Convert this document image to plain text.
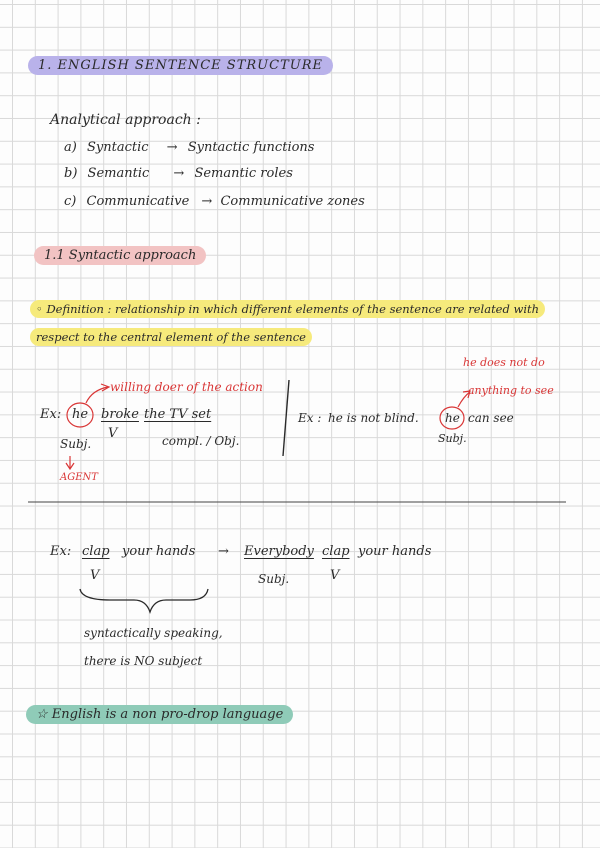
1. ENGLISH SENTENCE STRUCTURE
Analytical approach :
a) Syntactic → Syntactic functions
b) Semantic → Semantic roles
c) Communicative → Communicative zones
1.1 Syntactic approach
◦ Definition : relationship in which different elements of the sentence are related with
respect to the central element of the sentence
Ex: he broke the TV set
Subj.
V	compl. / Obj.
willing doer of the action
AGENT
Ex : he is not blind. he can see
Subj.
he does not do
anything to see
Ex: clap your hands → Everybody clap your hands
V	Subj.	V
syntactically speaking,
there is NO subject
☆ English is a non pro-drop language
